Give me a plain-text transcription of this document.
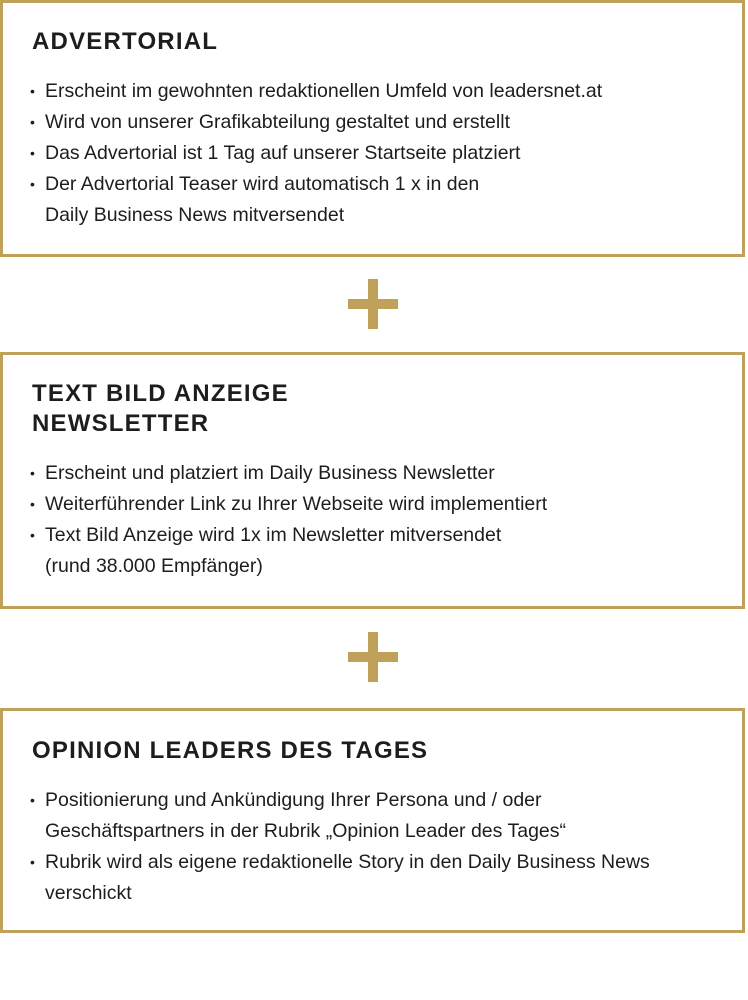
ADVERTORIAL
• Erscheint im gewohnten redaktionellen Umfeld von leadersnet.at
• Wird von unserer Grafikabteilung gestaltet und erstellt
• Das Advertorial ist 1 Tag auf unserer Startseite platziert
• Der Advertorial Teaser wird automatisch 1 x in den
Daily Business News mitversendet
TEXT BILD ANZEIGE
NEWSLETTER
• Erscheint und platziert im Daily Business Newsletter
• Weiterführender Link zu Ihrer Webseite wird implementiert
• Text Bild Anzeige wird 1x im Newsletter mitversendet
(rund 38.000 Empfänger)
OPINION LEADERS DES TAGES
• Positionierung und Ankündigung Ihrer Persona und / oder
Geschäftspartners in der Rubrik „Opinion Leader des Tages“
• Rubrik wird als eigene redaktionelle Story in den Daily Business News
verschickt
